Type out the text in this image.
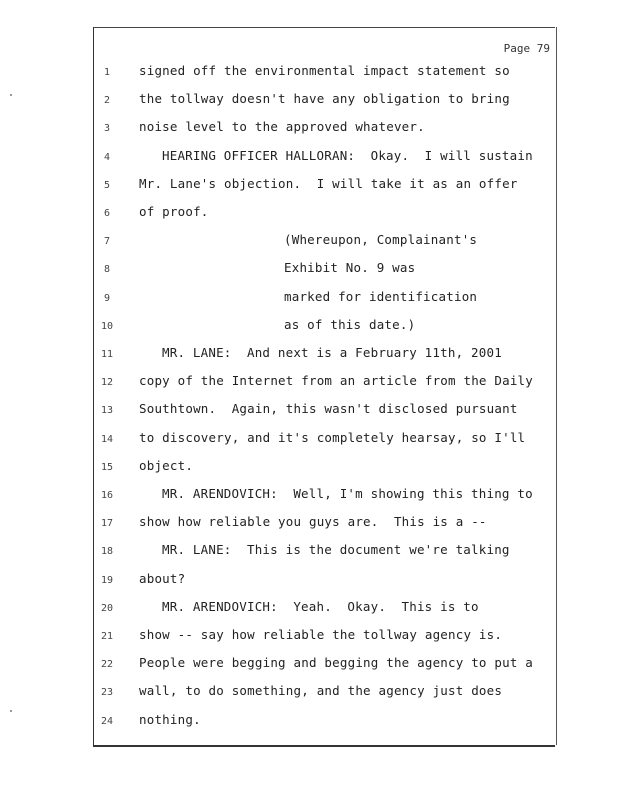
Page 79
1	signed off the environmental impact statement so
2	the tollway doesn't have any obligation to bring
3	noise level to the approved whatever.
4	HEARING OFFICER HALLORAN:  Okay.  I will sustain
5	Mr. Lane's objection.  I will take it as an offer
6	of proof.
7	(Whereupon, Complainant's
8	Exhibit No. 9 was
9	marked for identification
10	as of this date.)
11	MR. LANE:  And next is a February 11th, 2001
12	copy of the Internet from an article from the Daily
13	Southtown.  Again, this wasn't disclosed pursuant
14	to discovery, and it's completely hearsay, so I'll
15	object.
16	MR. ARENDOVICH:  Well, I'm showing this thing to
17	show how reliable you guys are.  This is a --
18	MR. LANE:  This is the document we're talking
19	about?
20	MR. ARENDOVICH:  Yeah.  Okay.  This is to
21	show -- say how reliable the tollway agency is.
22	People were begging and begging the agency to put a
23	wall, to do something, and the agency just does
24	nothing.
